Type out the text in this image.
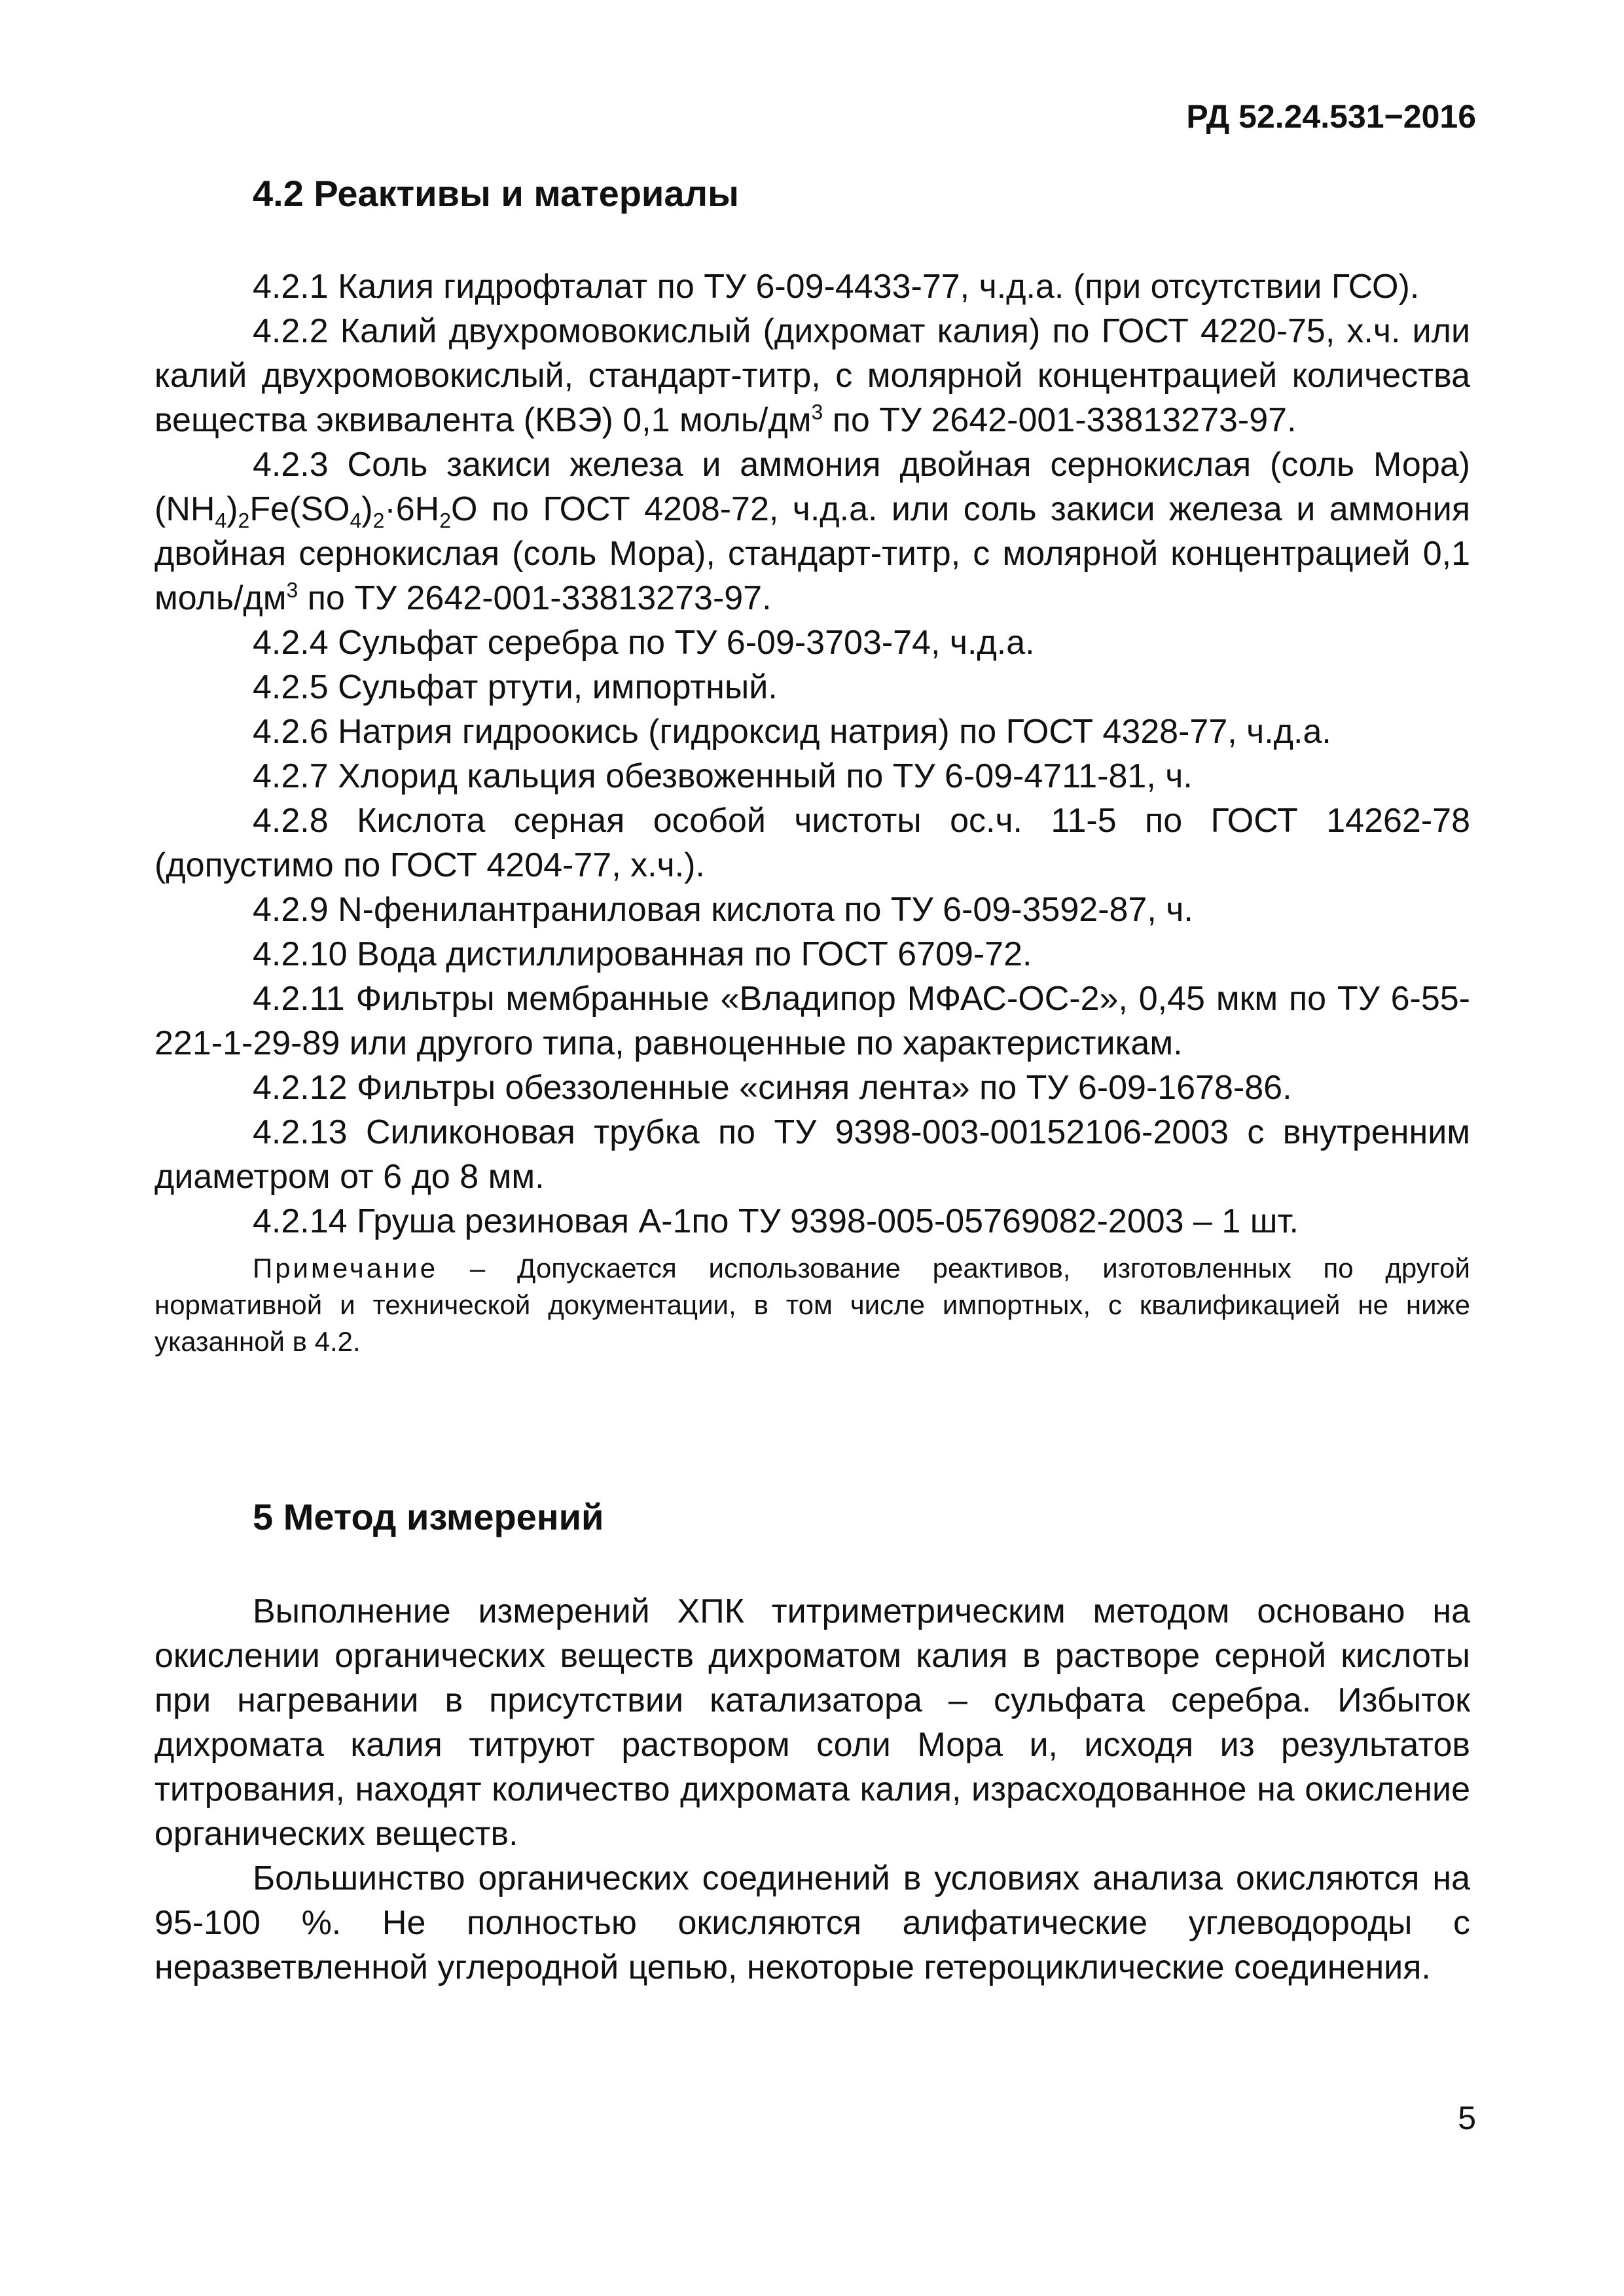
РД 52.24.531−2016
4.2 Реактивы и материалы

4.2.1 Калия гидрофталат по ТУ 6-09-4433-77, ч.д.а. (при отсутствии ГСО).

4.2.2 Калий двухромовокислый (дихромат калия) по ГОСТ 4220-75, х.ч. или калий двухромовокислый, стандарт-титр, с молярной концентрацией количества вещества эквивалента (КВЭ) 0,1 моль/$дм^3$ по ТУ 2642-001-33813273-97.

4.2.3 Соль закиси железа и аммония двойная сернокислая (соль Мора) $(NH_4)_2Fe(SO_4)_2\cdot 6H_2O$ по ГОСТ 4208-72, ч.д.а. или соль закиси железа и аммония двойная сернокислая (соль Мора), стандарт-титр, с молярной концентрацией 0,1 моль/$дм^3$ по ТУ 2642-001-33813273-97.

4.2.4 Сульфат серебра по ТУ 6-09-3703-74, ч.д.а.

4.2.5 Сульфат ртути, импортный.

4.2.6 Натрия гидроокись (гидроксид натрия) по ГОСТ 4328-77, ч.д.а.

4.2.7 Хлорид кальция обезвоженный по ТУ 6-09-4711-81, ч.

4.2.8 Кислота серная особой чистоты ос.ч. 11-5 по ГОСТ 14262-78 (допустимо по ГОСТ 4204-77, х.ч.).

4.2.9 N-фенилантраниловая кислота по ТУ 6-09-3592-87, ч.

4.2.10 Вода дистиллированная по ГОСТ 6709-72.

4.2.11 Фильтры мембранные «Владипор МФАС-ОС-2», 0,45 мкм по ТУ 6-55-221-1-29-89 или другого типа, равноценные по характеристикам.

4.2.12 Фильтры обеззоленные «синяя лента» по ТУ 6-09-1678-86.

4.2.13 Силиконовая трубка по ТУ 9398-003-00152106-2003 с внутренним диаметром от 6 до 8 мм.

4.2.14 Груша резиновая А-1по ТУ 9398-005-05769082-2003 – 1 шт.

Примечание – Допускается использование реактивов, изготовленных по другой нормативной и технической документации, в том числе импортных, с квалификацией не ниже указанной в 4.2.

5 Метод измерений

Выполнение измерений ХПК титриметрическим методом основано на окислении органических веществ дихроматом калия в растворе серной кислоты при нагревании в присутствии катализатора – сульфата серебра. Избыток дихромата калия титруют раствором соли Мора и, исходя из результатов титрования, находят количество дихромата калия, израсходованное на окисление органических веществ.

Большинство органических соединений в условиях анализа окисляются на 95-100 %. Не полностью окисляются алифатические углеводороды с неразветвленной углеродной цепью, некоторые гетероциклические соединения.

5
